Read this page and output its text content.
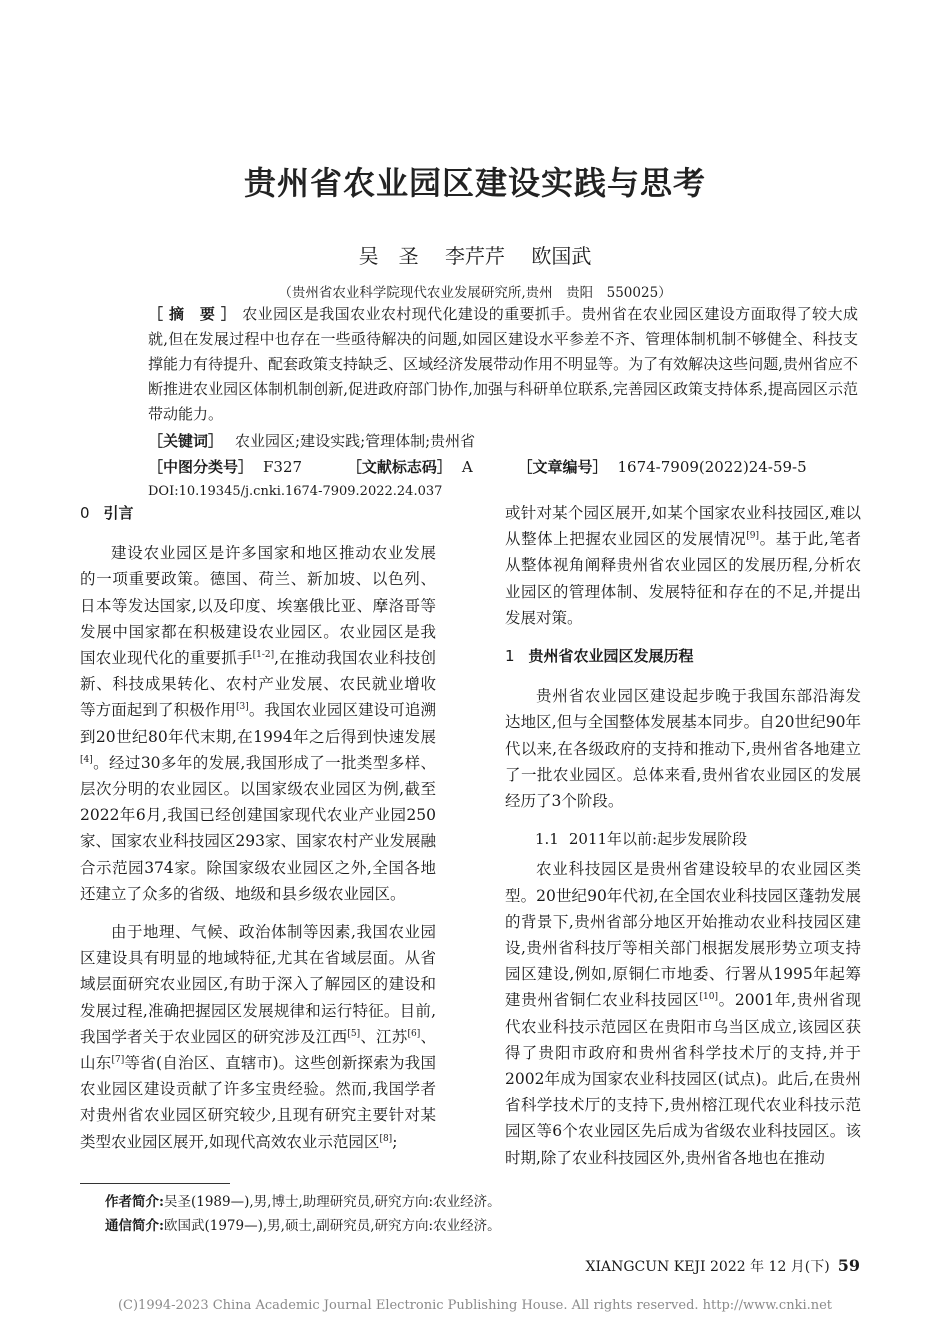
贵州省农业园区建设实践与思考
吴　圣 李芹芹 欧国武
（贵州省农业科学院现代农业发展研究所,贵州　贵阳　550025）
［ 摘　要 ］ 农业园区是我国农业农村现代化建设的重要抓手。贵州省在农业园区建设方面取得了较大成就,但在发展过程中也存在一些亟待解决的问题,如园区建设水平参差不齐、管理体制机制不够健全、科技支撑能力有待提升、配套政策支持缺乏、区域经济发展带动作用不明显等。为了有效解决这些问题,贵州省应不断推进农业园区体制机制创新,促进政府部门协作,加强与科研单位联系,完善园区政策支持体系,提高园区示范带动能力。
［关键词］ 农业园区;建设实践;管理体制;贵州省
［中图分类号］ F327	［文献标志码］ A	［文章编号］ 1674-7909(2022)24-59-5
DOI:10.19345/j.cnki.1674-7909.2022.24.037
0 引言

建设农业园区是许多国家和地区推动农业发展的一项重要政策。德国、荷兰、新加坡、以色列、日本等发达国家,以及印度、埃塞俄比亚、摩洛哥等发展中国家都在积极建设农业园区。农业园区是我国农业现代化的重要抓手[1-2],在推动我国农业科技创新、科技成果转化、农村产业发展、农民就业增收等方面起到了积极作用[3]。我国农业园区建设可追溯到20世纪80年代末期,在1994年之后得到快速发展[4]。经过30多年的发展,我国形成了一批类型多样、层次分明的农业园区。以国家级农业园区为例,截至2022年6月,我国已经创建国家现代农业产业园250家、国家农业科技园区293家、国家农村产业发展融合示范园374家。除国家级农业园区之外,全国各地还建立了众多的省级、地级和县乡级农业园区。

由于地理、气候、政治体制等因素,我国农业园区建设具有明显的地域特征,尤其在省域层面。从省域层面研究农业园区,有助于深入了解园区的建设和发展过程,准确把握园区发展规律和运行特征。目前,我国学者关于农业园区的研究涉及江西[5]、江苏[6]、山东[7]等省(自治区、直辖市)。这些创新探索为我国农业园区建设贡献了许多宝贵经验。然而,我国学者对贵州省农业园区研究较少,且现有研究主要针对某类型农业园区展开,如现代高效农业示范园区[8];

或针对某个园区展开,如某个国家农业科技园区,难以从整体上把握农业园区的发展情况[9]。基于此,笔者从整体视角阐释贵州省农业园区的发展历程,分析农业园区的管理体制、发展特征和存在的不足,并提出发展对策。

1 贵州省农业园区发展历程

贵州省农业园区建设起步晚于我国东部沿海发达地区,但与全国整体发展基本同步。自20世纪90年代以来,在各级政府的支持和推动下,贵州省各地建立了一批农业园区。总体来看,贵州省农业园区的发展经历了3个阶段。

1.1 2011年以前:起步发展阶段

农业科技园区是贵州省建设较早的农业园区类型。20世纪90年代初,在全国农业科技园区蓬勃发展的背景下,贵州省部分地区开始推动农业科技园区建设,贵州省科技厅等相关部门根据发展形势立项支持园区建设,例如,原铜仁市地委、行署从1995年起筹建贵州省铜仁农业科技园区[10]。2001年,贵州省现代农业科技示范园区在贵阳市乌当区成立,该园区获得了贵阳市政府和贵州省科学技术厅的支持,并于2002年成为国家农业科技园区(试点)。此后,在贵州省科学技术厅的支持下,贵州榕江现代农业科技示范园区等6个农业园区先后成为省级农业科技园区。该时期,除了农业科技园区外,贵州省各地也在推动

作者简介:吴圣(1989—),男,博士,助理研究员,研究方向:农业经济。
通信简介:欧国武(1979—),男,硕士,副研究员,研究方向:农业经济。
XIANGCUN KEJI 2022 年 12 月(下) 59
(C)1994-2023 China Academic Journal Electronic Publishing House. All rights reserved. http://www.cnki.net
